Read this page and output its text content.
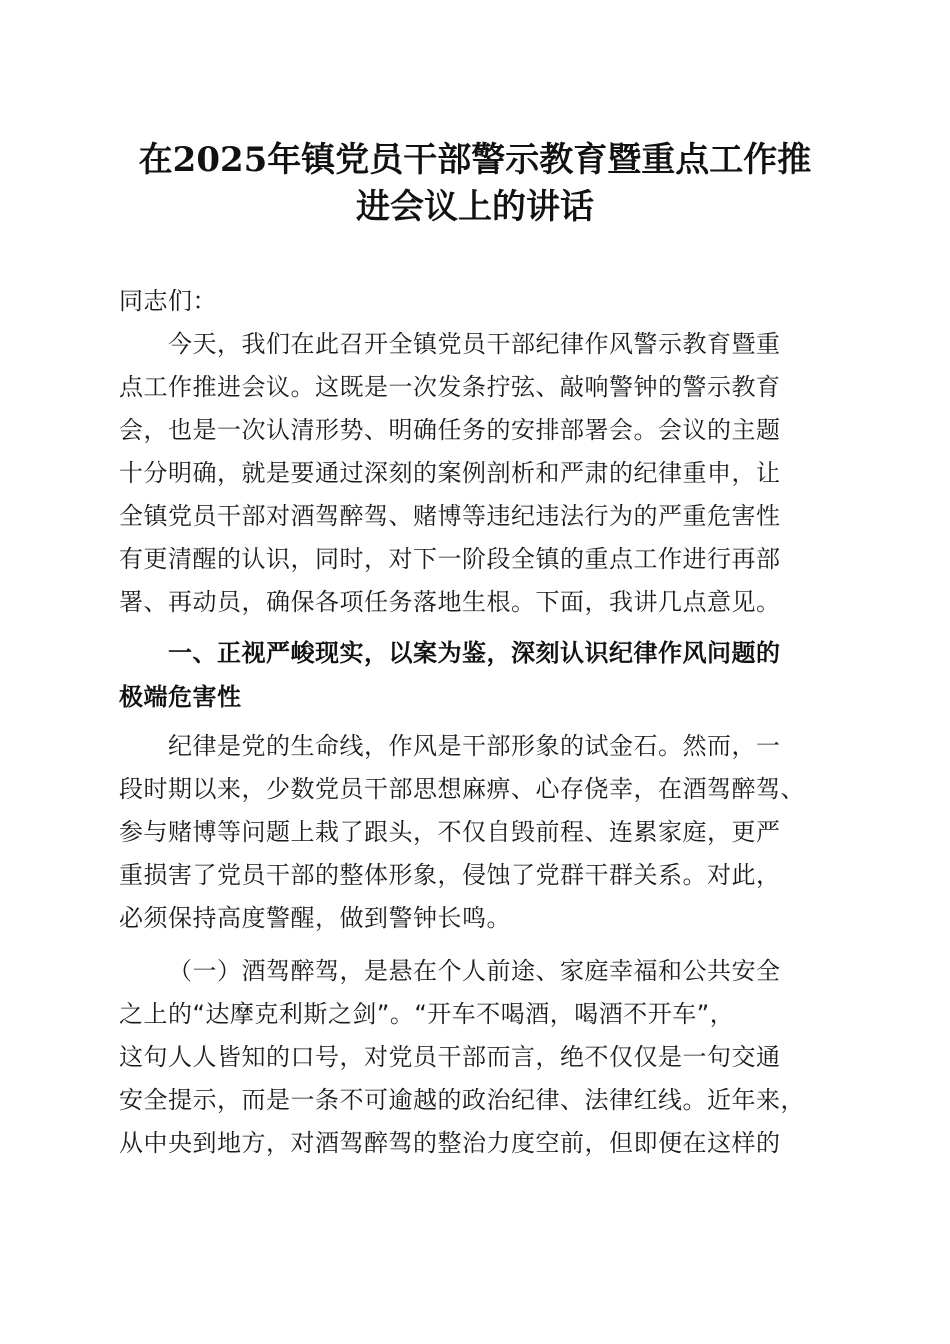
在2025年镇党员干部警示教育暨重点工作推
进会议上的讲话
同志们：
今天，我们在此召开全镇党员干部纪律作风警示教育暨重
点工作推进会议。这既是一次发条拧弦、敲响警钟的警示教育
会，也是一次认清形势、明确任务的安排部署会。会议的主题
十分明确，就是要通过深刻的案例剖析和严肃的纪律重申，让
全镇党员干部对酒驾醉驾、赌博等违纪违法行为的严重危害性
有更清醒的认识，同时，对下一阶段全镇的重点工作进行再部
署、再动员，确保各项任务落地生根。下面，我讲几点意见。
一、正视严峻现实，以案为鉴，深刻认识纪律作风问题的
极端危害性
纪律是党的生命线，作风是干部形象的试金石。然而，一
段时期以来，少数党员干部思想麻痹、心存侥幸，在酒驾醉驾、
参与赌博等问题上栽了跟头，不仅自毁前程、连累家庭，更严
重损害了党员干部的整体形象，侵蚀了党群干群关系。对此，
必须保持高度警醒，做到警钟长鸣。
（一）酒驾醉驾，是悬在个人前途、家庭幸福和公共安全
之上的“达摩克利斯之剑”。“开车不喝酒，喝酒不开车”，
这句人人皆知的口号，对党员干部而言，绝不仅仅是一句交通
安全提示，而是一条不可逾越的政治纪律、法律红线。近年来，
从中央到地方，对酒驾醉驾的整治力度空前，但即便在这样的
